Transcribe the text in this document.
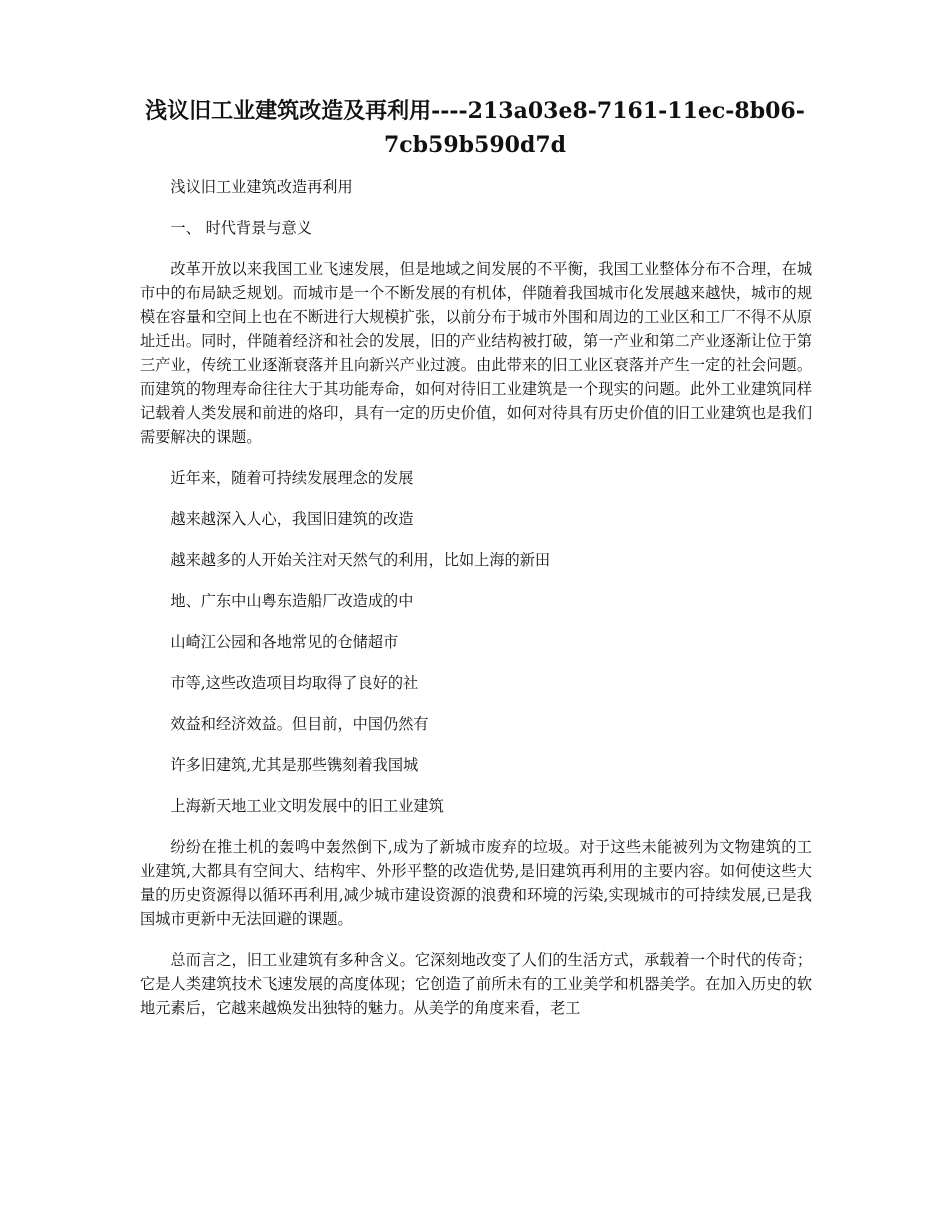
浅议旧工业建筑改造及再利用----213a03e8-7161-11ec-8b06-
7cb59b590d7d

浅议旧工业建筑改造再利用

一、 时代背景与意义

改革开放以来我国工业飞速发展，但是地域之间发展的不平衡，我国工业整体分布不合理，在城市中的布局缺乏规划。而城市是一个不断发展的有机体，伴随着我国城市化发展越来越快，城市的规模在容量和空间上也在不断进行大规模扩张，以前分布于城市外围和周边的工业区和工厂不得不从原址迁出。同时，伴随着经济和社会的发展，旧的产业结构被打破，第一产业和第二产业逐渐让位于第三产业，传统工业逐渐衰落并且向新兴产业过渡。由此带来的旧工业区衰落并产生一定的社会问题。而建筑的物理寿命往往大于其功能寿命，如何对待旧工业建筑是一个现实的问题。此外工业建筑同样记载着人类发展和前进的烙印，具有一定的历史价值，如何对待具有历史价值的旧工业建筑也是我们需要解决的课题。

近年来，随着可持续发展理念的发展

越来越深入人心，我国旧建筑的改造

越来越多的人开始关注对天然气的利用，比如上海的新田

地、广东中山粤东造船厂改造成的中

山崎江公园和各地常见的仓储超市

市等,这些改造项目均取得了良好的社

效益和经济效益。但目前，中国仍然有

许多旧建筑,尤其是那些镌刻着我国城

上海新天地工业文明发展中的旧工业建筑

纷纷在推土机的轰鸣中轰然倒下,成为了新城市废弃的垃圾。对于这些未能被列为文物建筑的工业建筑,大都具有空间大、结构牢、外形平整的改造优势,是旧建筑再利用的主要内容。如何使这些大量的历史资源得以循环再利用,减少城市建设资源的浪费和环境的污染,实现城市的可持续发展,已是我国城市更新中无法回避的课题。

总而言之，旧工业建筑有多种含义。它深刻地改变了人们的生活方式，承载着一个时代的传奇；它是人类建筑技术飞速发展的高度体现；它创造了前所未有的工业美学和机器美学。在加入历史的软地元素后，它越来越焕发出独特的魅力。从美学的角度来看，老工
